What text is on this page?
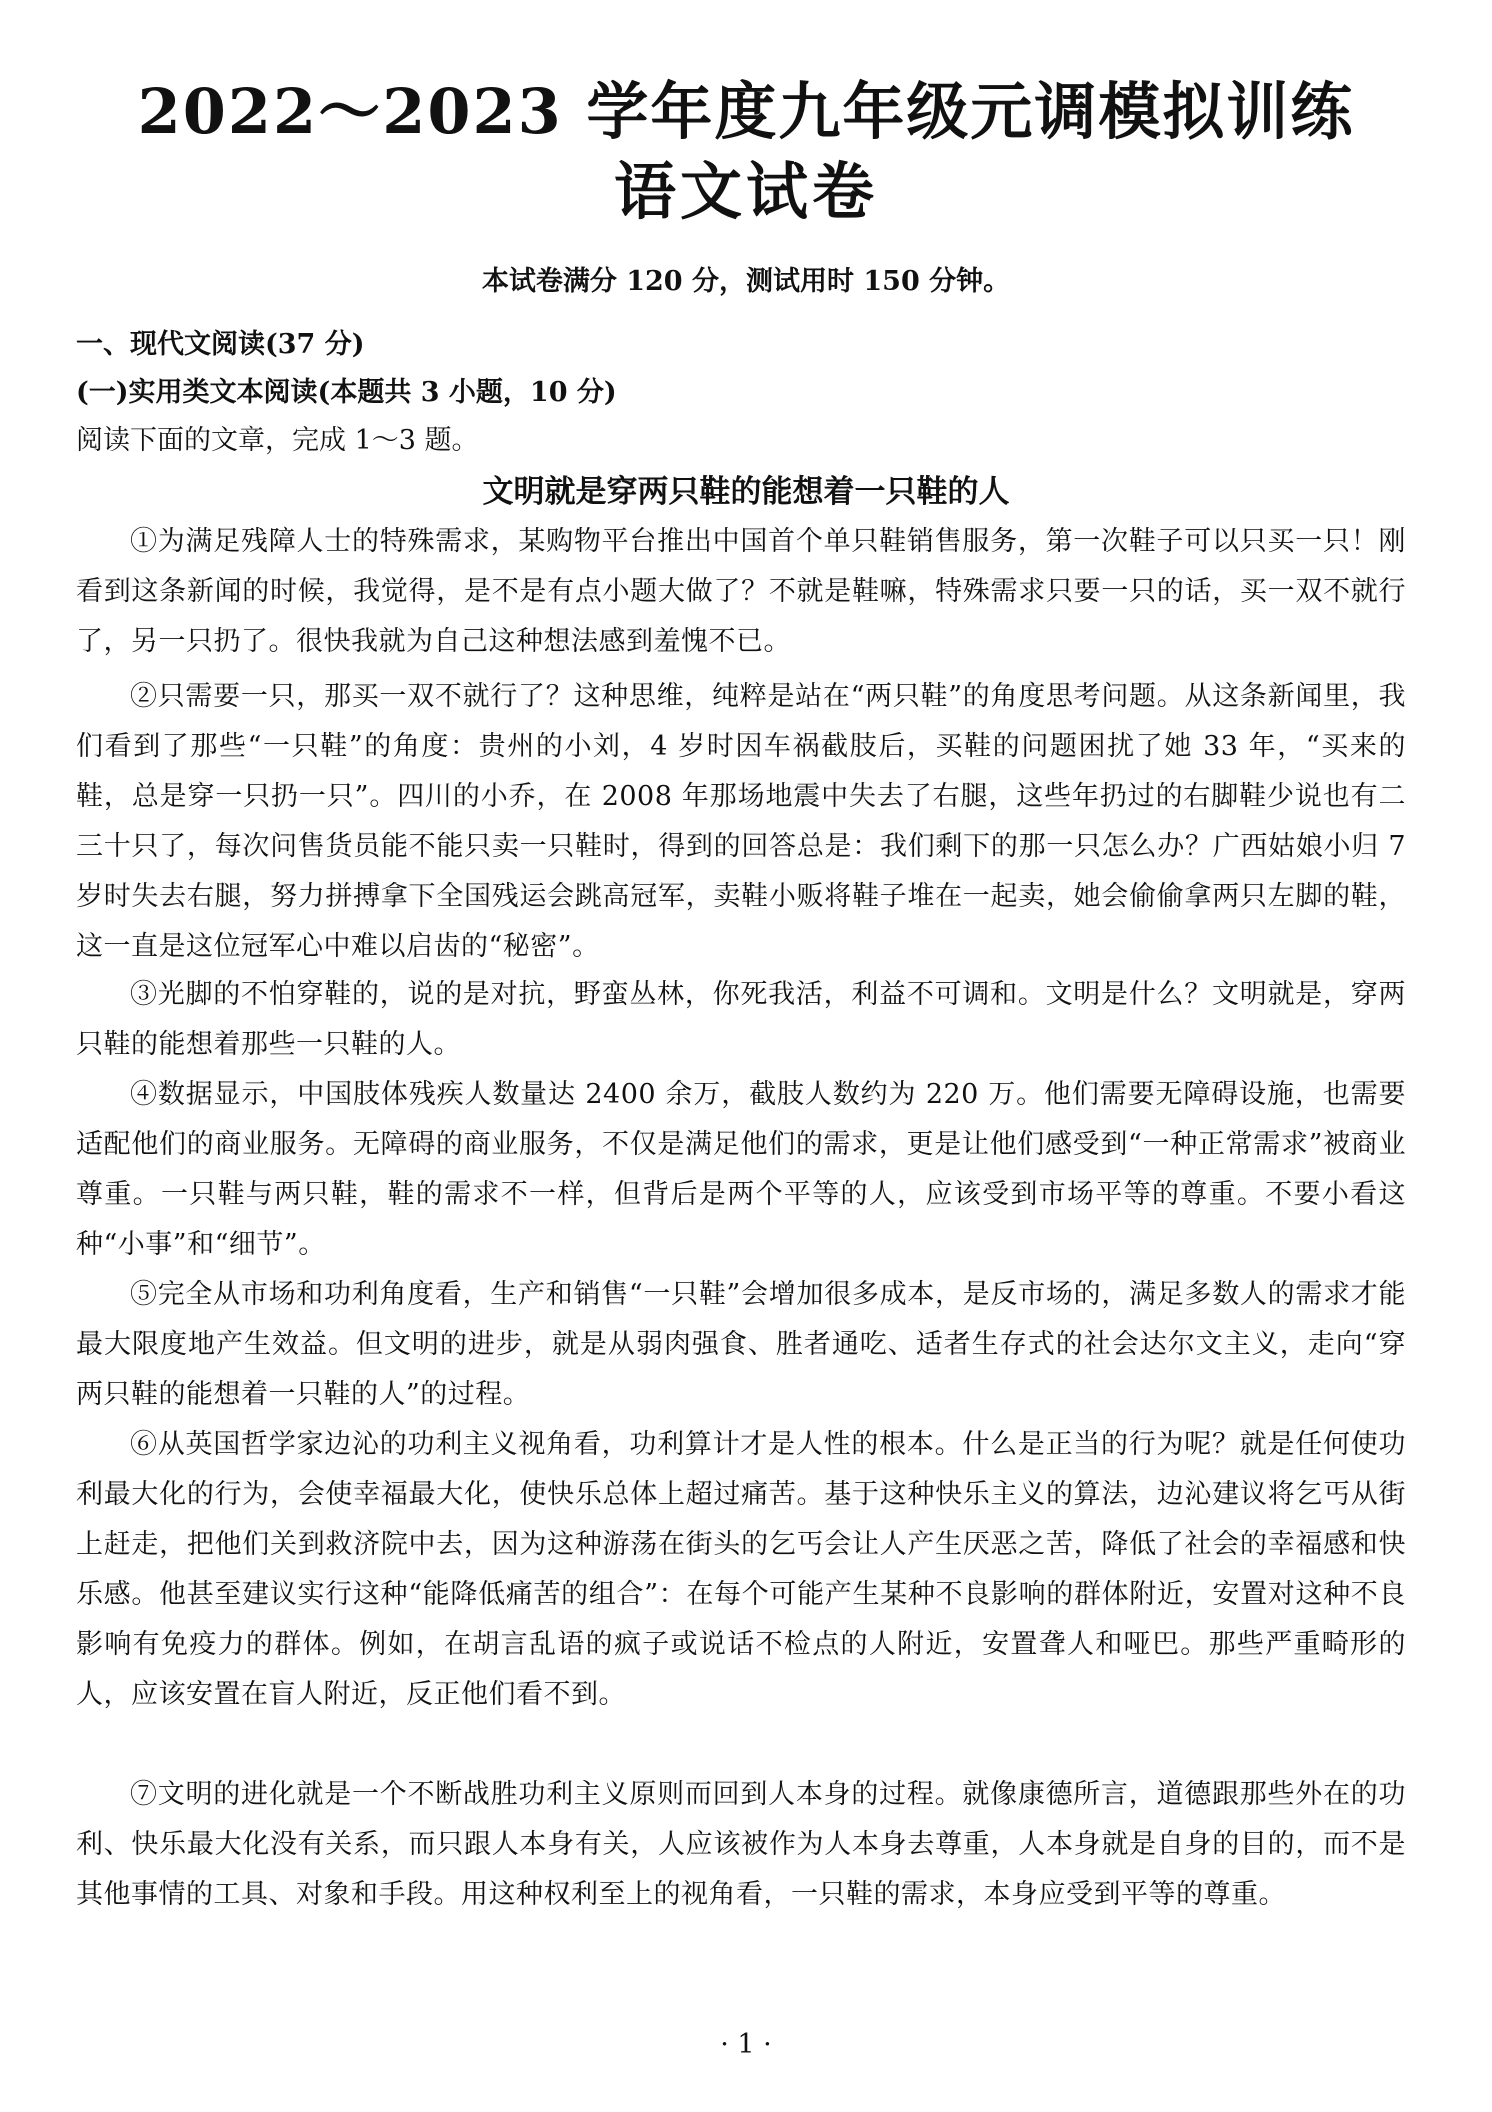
2022～2023 学年度九年级元调模拟训练
语文试卷
本试卷满分 120 分，测试用时 150 分钟。
一、现代文阅读(37 分)
(一)实用类文本阅读(本题共 3 小题，10 分)
阅读下面的文章，完成 1～3 题。
文明就是穿两只鞋的能想着一只鞋的人

①为满足残障人士的特殊需求，某购物平台推出中国首个单只鞋销售服务，第一次鞋子可以只买一只！刚看到这条新闻的时候，我觉得，是不是有点小题大做了？不就是鞋嘛，特殊需求只要一只的话，买一双不就行了，另一只扔了。很快我就为自己这种想法感到羞愧不已。

②只需要一只，那买一双不就行了？这种思维，纯粹是站在“两只鞋”的角度思考问题。从这条新闻里，我们看到了那些“一只鞋”的角度：贵州的小刘，4 岁时因车祸截肢后，买鞋的问题困扰了她 33 年，“买来的鞋，总是穿一只扔一只”。四川的小乔，在 2008 年那场地震中失去了右腿，这些年扔过的右脚鞋少说也有二三十只了，每次问售货员能不能只卖一只鞋时，得到的回答总是：我们剩下的那一只怎么办？广西姑娘小归 7 岁时失去右腿，努力拼搏拿下全国残运会跳高冠军，卖鞋小贩将鞋子堆在一起卖，她会偷偷拿两只左脚的鞋，这一直是这位冠军心中难以启齿的“秘密”。

③光脚的不怕穿鞋的，说的是对抗，野蛮丛林，你死我活，利益不可调和。文明是什么？文明就是，穿两只鞋的能想着那些一只鞋的人。

④数据显示，中国肢体残疾人数量达 2400 余万，截肢人数约为 220 万。他们需要无障碍设施，也需要适配他们的商业服务。无障碍的商业服务，不仅是满足他们的需求，更是让他们感受到“一种正常需求”被商业尊重。一只鞋与两只鞋，鞋的需求不一样，但背后是两个平等的人，应该受到市场平等的尊重。不要小看这种“小事”和“细节”。

⑤完全从市场和功利角度看，生产和销售“一只鞋”会增加很多成本，是反市场的，满足多数人的需求才能最大限度地产生效益。但文明的进步，就是从弱肉强食、胜者通吃、适者生存式的社会达尔文主义，走向“穿两只鞋的能想着一只鞋的人”的过程。

⑥从英国哲学家边沁的功利主义视角看，功利算计才是人性的根本。什么是正当的行为呢？就是任何使功利最大化的行为，会使幸福最大化，使快乐总体上超过痛苦。基于这种快乐主义的算法，边沁建议将乞丐从街上赶走，把他们关到救济院中去，因为这种游荡在街头的乞丐会让人产生厌恶之苦，降低了社会的幸福感和快乐感。他甚至建议实行这种“能降低痛苦的组合”：在每个可能产生某种不良影响的群体附近，安置对这种不良影响有免疫力的群体。例如，在胡言乱语的疯子或说话不检点的人附近，安置聋人和哑巴。那些严重畸形的人，应该安置在盲人附近，反正他们看不到。

⑦文明的进化就是一个不断战胜功利主义原则而回到人本身的过程。就像康德所言，道德跟那些外在的功利、快乐最大化没有关系，而只跟人本身有关，人应该被作为人本身去尊重，人本身就是自身的目的，而不是其他事情的工具、对象和手段。用这种权利至上的视角看，一只鞋的需求，本身应受到平等的尊重。

· 1 ·
